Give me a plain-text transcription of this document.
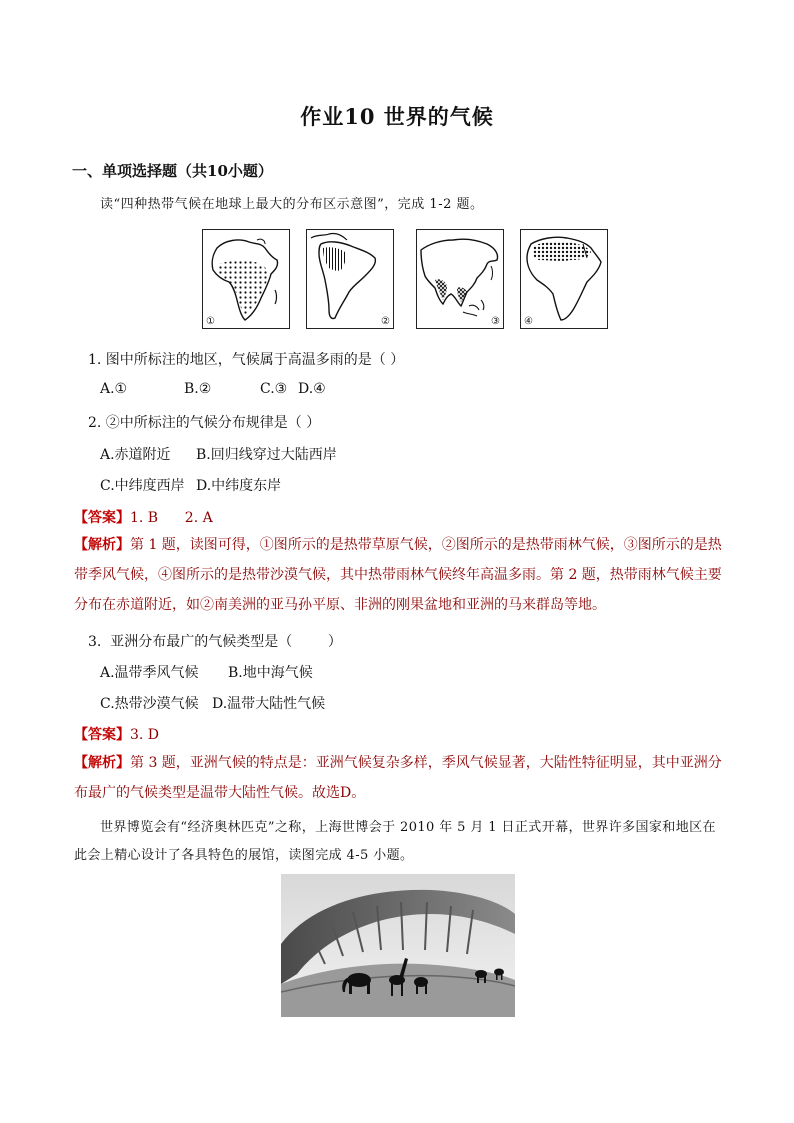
作业10 世界的气候
一、单项选择题（共10小题）
读“四种热带气候在地球上最大的分布区示意图”，完成 1-2 题。
①	②	③ ④
1. 图中所标注的地区，气候属于高温多雨的是（ ）
A.①	B.②	C.③ D.④
2. ②中所标注的气候分布规律是（ ）
A.赤道附近 B.回归线穿过大陆西岸
C.中纬度西岸 D.中纬度东岸
【答案】1. B      2. A
【解析】第 1 题，读图可得，①图所示的是热带草原气候，②图所示的是热带雨林气候，③图所示的是热带季风气候，④图所示的是热带沙漠气候，其中热带雨林气候终年高温多雨。第 2 题，热带雨林气候主要分布在赤道附近，如②南美洲的亚马孙平原、非洲的刚果盆地和亚洲的马来群岛等地。
3.  亚洲分布最广的气候类型是（        ）
A.温带季风气候 B.地中海气候
C.热带沙漠气候 D.温带大陆性气候
【答案】3. D
【解析】第 3 题，亚洲气候的特点是：亚洲气候复杂多样，季风气候显著，大陆性特征明显，其中亚洲分布最广的气候类型是温带大陆性气候。故选D。
世界博览会有“经济奥林匹克”之称，上海世博会于 2010 年 5 月 1 日正式开幕，世界许多国家和地区在此会上精心设计了各具特色的展馆，读图完成 4-5 小题。
